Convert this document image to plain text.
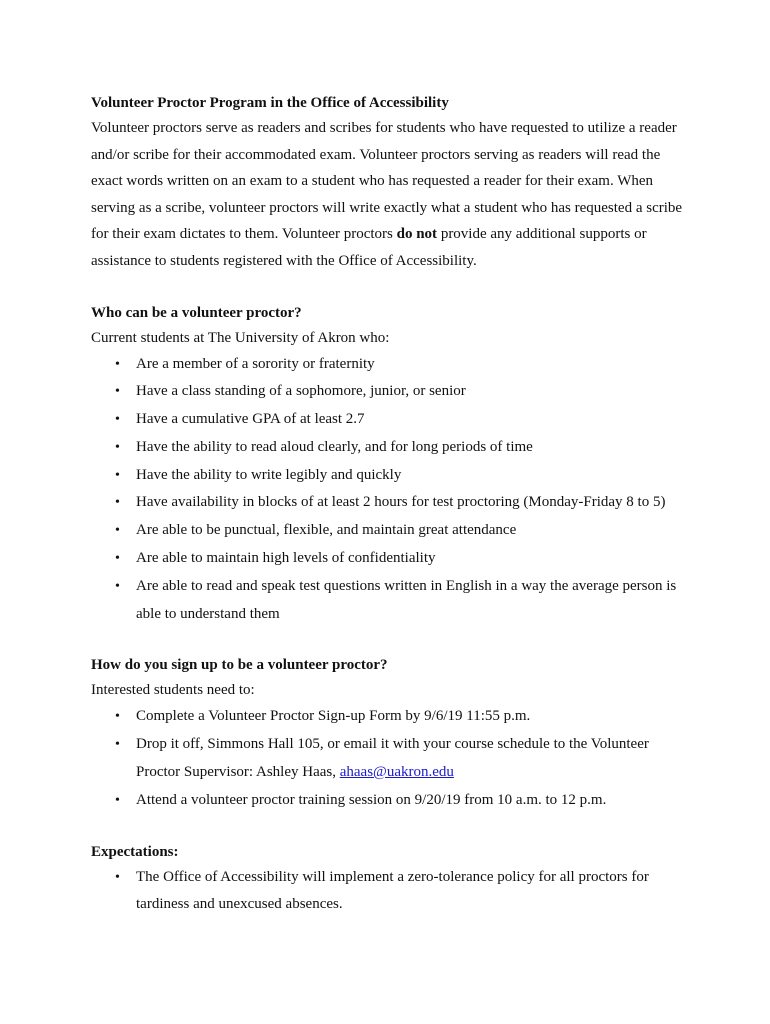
Volunteer Proctor Program in the Office of Accessibility

Volunteer proctors serve as readers and scribes for students who have requested to utilize a reader and/or scribe for their accommodated exam. Volunteer proctors serving as readers will read the exact words written on an exam to a student who has requested a reader for their exam. When serving as a scribe, volunteer proctors will write exactly what a student who has requested a scribe for their exam dictates to them. Volunteer proctors do not provide any additional supports or assistance to students registered with the Office of Accessibility.

Who can be a volunteer proctor?

Current students at The University of Akron who:

• Are a member of a sorority or fraternity
• Have a class standing of a sophomore, junior, or senior
• Have a cumulative GPA of at least 2.7
• Have the ability to read aloud clearly, and for long periods of time
• Have the ability to write legibly and quickly
• Have availability in blocks of at least 2 hours for test proctoring (Monday-Friday 8 to 5)
• Are able to be punctual, flexible, and maintain great attendance
• Are able to maintain high levels of confidentiality
• Are able to read and speak test questions written in English in a way the average person is able to understand them

How do you sign up to be a volunteer proctor?

Interested students need to:

• Complete a Volunteer Proctor Sign-up Form by 9/6/19 11:55 p.m.
• Drop it off, Simmons Hall 105, or email it with your course schedule to the Volunteer Proctor Supervisor: Ashley Haas, ahaas@uakron.edu
• Attend a volunteer proctor training session on 9/20/19 from 10 a.m. to 12 p.m.

Expectations:

• The Office of Accessibility will implement a zero-tolerance policy for all proctors for tardiness and unexcused absences.
